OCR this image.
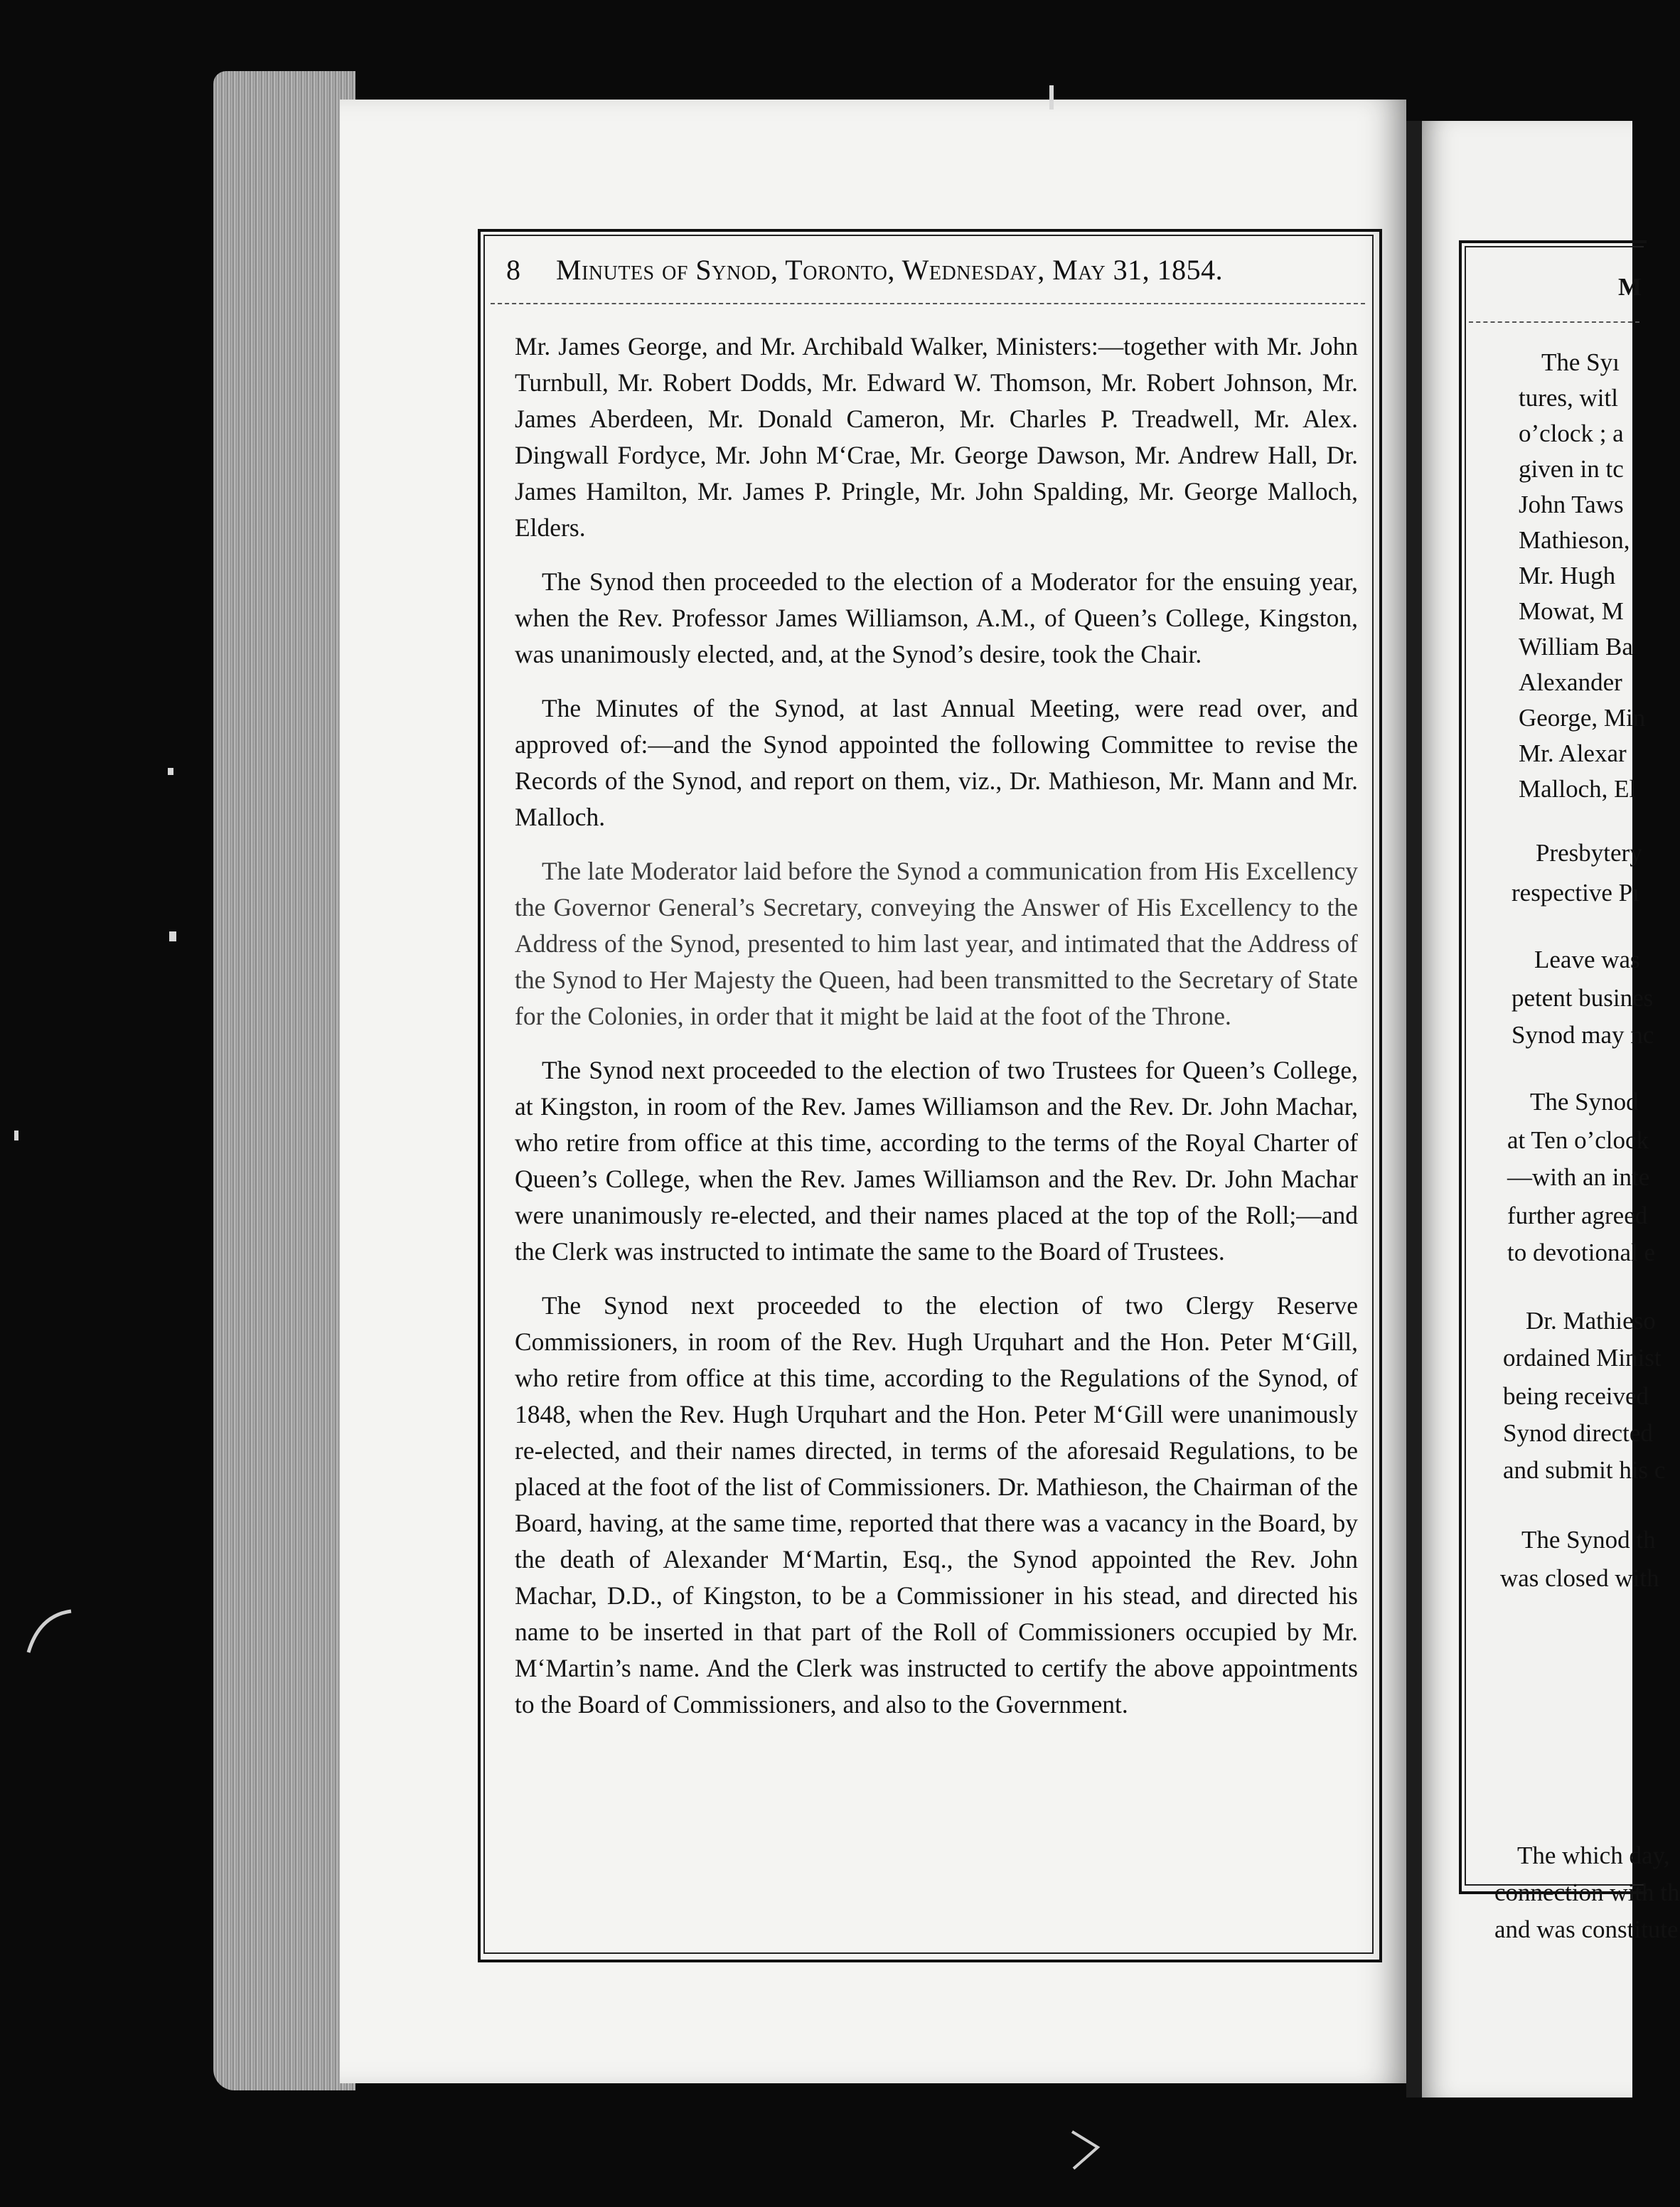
8 Minutes of Synod, Toronto, Wednesday, May 31, 1854.

Mr. James George, and Mr. Archibald Walker, Ministers:—together with Mr. John Turnbull, Mr. Robert Dodds, Mr. Edward W. Thomson, Mr. Robert Johnson, Mr. James Aberdeen, Mr. Donald Cameron, Mr. Charles P. Treadwell, Mr. Alex. Dingwall Fordyce, Mr. John M‘Crae, Mr. George Dawson, Mr. Andrew Hall, Dr. James Hamilton, Mr. James P. Pringle, Mr. John Spalding, Mr. George Malloch, Elders.

The Synod then proceeded to the election of a Moderator for the ensuing year, when the Rev. Professor James Williamson, A.M., of Queen’s College, Kingston, was unanimously elected, and, at the Synod’s desire, took the Chair.

The Minutes of the Synod, at last Annual Meeting, were read over, and approved of:—and the Synod appointed the following Committee to revise the Records of the Synod, and report on them, viz., Dr. Mathieson, Mr. Mann and Mr. Malloch.

The late Moderator laid before the Synod a communication from His Excellency the Governor General’s Secretary, conveying the Answer of His Excellency to the Address of the Synod, presented to him last year, and intimated that the Address of the Synod to Her Majesty the Queen, had been transmitted to the Secretary of State for the Colonies, in order that it might be laid at the foot of the Throne.

The Synod next proceeded to the election of two Trustees for Queen’s College, at Kingston, in room of the Rev. James Williamson and the Rev. Dr. John Machar, who retire from office at this time, according to the terms of the Royal Charter of Queen’s College, when the Rev. James Williamson and the Rev. Dr. John Machar were unanimously re-elected, and their names placed at the top of the Roll;—and the Clerk was instructed to intimate the same to the Board of Trustees.

The Synod next proceeded to the election of two Clergy Reserve Commissioners, in room of the Rev. Hugh Urquhart and the Hon. Peter M‘Gill, who retire from office at this time, according to the Regulations of the Synod, of 1848, when the Rev. Hugh Urquhart and the Hon. Peter M‘Gill were unanimously re-elected, and their names directed, in terms of the aforesaid Regulations, to be placed at the foot of the list of Commissioners. Dr. Mathieson, the Chairman of the Board, having, at the same time, reported that there was a vacancy in the Board, by the death of Alexander M‘Martin, Esq., the Synod appointed the Rev. John Machar, D.D., of Kingston, to be a Commissioner in his stead, and directed his name to be inserted in that part of the Roll of Commissioners occupied by Mr. M‘Martin’s name. And the Clerk was instructed to certify the above appointments to the Board of Commissioners, and also to the Government.

M
The Syı
tures, witl
o’clock ; a
given in tc
John Taws
Mathieson,
Mr. Hugh
Mowat, M
William Ba
Alexander
George, Min
Mr. Alexar
Malloch, El
Presbytery
respective Pı
Leave was
petent busines
Synod may nc
The Synod
at Ten o’clock
—with an inte
further agreed
to devotional e
Dr. Mathieso
ordained Minist
being received
Synod directed
and submit his c
The Synod th
was closed with
The which day,
connection with th
and was constitute
